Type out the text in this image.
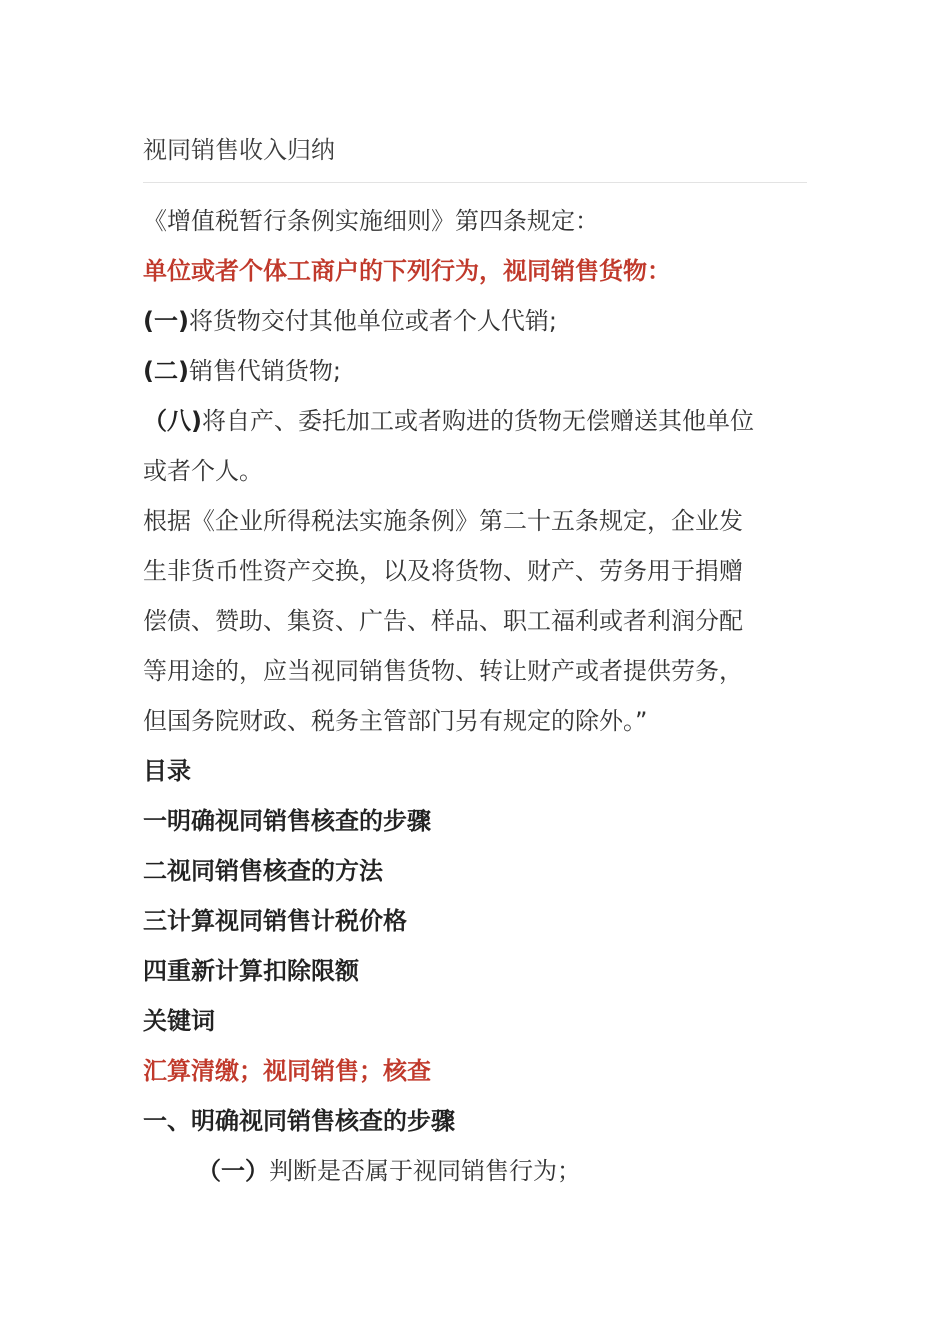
视同销售收入归纳
《增值税暂行条例实施细则》第四条规定：
单位或者个体工商户的下列行为，视同销售货物：
(一)将货物交付其他单位或者个人代销;
(二)销售代销货物;
（八)将自产、委托加工或者购进的货物无偿赠送其他单位
或者个人。
根据《企业所得税法实施条例》第二十五条规定，企业发
生非货币性资产交换，以及将货物、财产、劳务用于捐赠
偿债、赞助、集资、广告、样品、职工福利或者利润分配
等用途的，应当视同销售货物、转让财产或者提供劳务，
但国务院财政、税务主管部门另有规定的除外。”
目录
一明确视同销售核查的步骤
二视同销售核查的方法
三计算视同销售计税价格
四重新计算扣除限额
关键词
汇算清缴；视同销售；核查
一、明确视同销售核查的步骤
（一）判断是否属于视同销售行为；
